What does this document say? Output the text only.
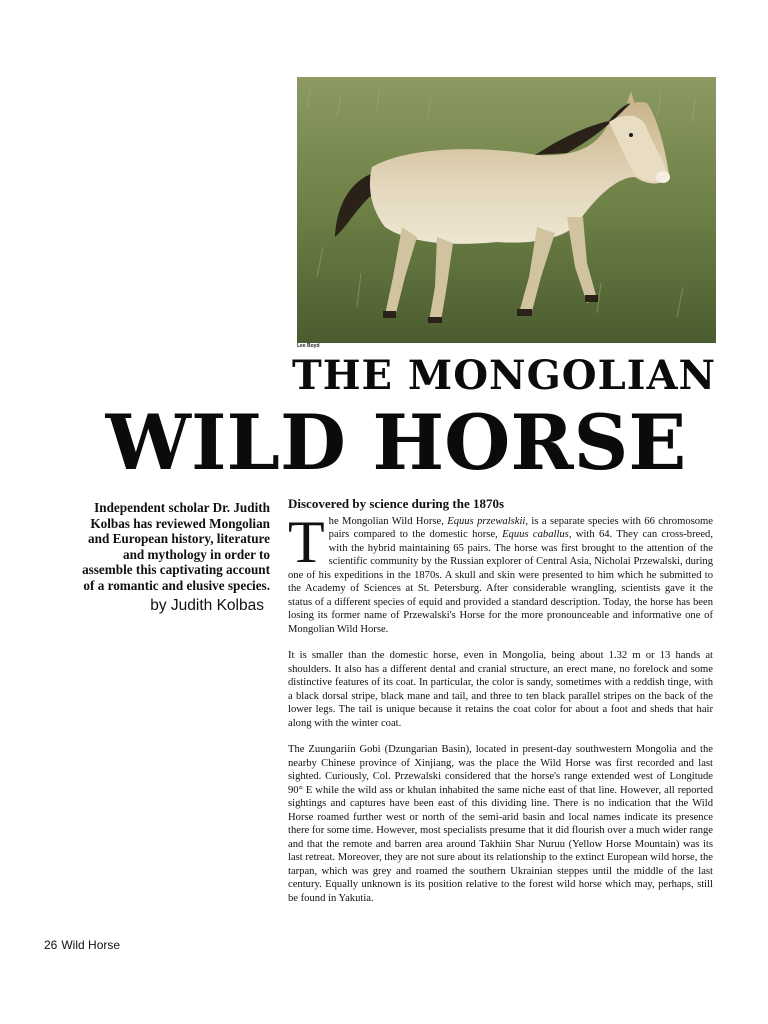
Lee Boyd
THE MONGOLIAN
WILD HORSE
Independent scholar Dr. Judith Kolbas has reviewed Mongolian and European history, literature and mythology in order to assemble this captivating account of a romantic and elusive species.
by Judith Kolbas
Discovered by science during the 1870s

The Mongolian Wild Horse, Equus przewalskii, is a separate species with 66 chromosome pairs compared to the domestic horse, Equus caballus, with 64. They can cross-breed, with the hybrid maintaining 65 pairs. The horse was first brought to the attention of the scientific community by the Russian explorer of Central Asia, Nicholai Przewalski, during one of his expeditions in the 1870s. A skull and skin were presented to him which he submitted to the Academy of Sciences at St. Petersburg. After considerable wrangling, scientists gave it the status of a different species of equid and provided a standard description. Today, the horse has been losing its former name of Przewalski's Horse for the more pronounceable and informative one of Mongolian Wild Horse.

It is smaller than the domestic horse, even in Mongolia, being about 1.32 m or 13 hands at shoulders. It also has a different dental and cranial structure, an erect mane, no forelock and some distinctive features of its coat. In particular, the color is sandy, sometimes with a reddish tinge, with a black dorsal stripe, black mane and tail, and three to ten black parallel stripes on the back of the lower legs. The tail is unique because it retains the coat color for about a foot and sheds that hair along with the winter coat.

The Zuungariin Gobi (Dzungarian Basin), located in present-day southwestern Mongolia and the nearby Chinese province of Xinjiang, was the place the Wild Horse was first recorded and last sighted. Curiously, Col. Przewalski considered that the horse's range extended west of Longitude 90° E while the wild ass or khulan inhabited the same niche east of that line. However, all reported sightings and captures have been east of this dividing line. There is no indication that the Wild Horse roamed further west or north of the semi-arid basin and local names indicate its presence there for some time. However, most specialists presume that it did flourish over a much wider range and that the remote and barren area around Takhiin Shar Nuruu (Yellow Horse Mountain) was its last retreat. Moreover, they are not sure about its relationship to the extinct European wild horse, the tarpan, which was grey and roamed the southern Ukrainian steppes until the middle of the last century. Equally unknown is its position relative to the forest wild horse which may, perhaps, still be found in Yakutia.

26 Wild Horse
